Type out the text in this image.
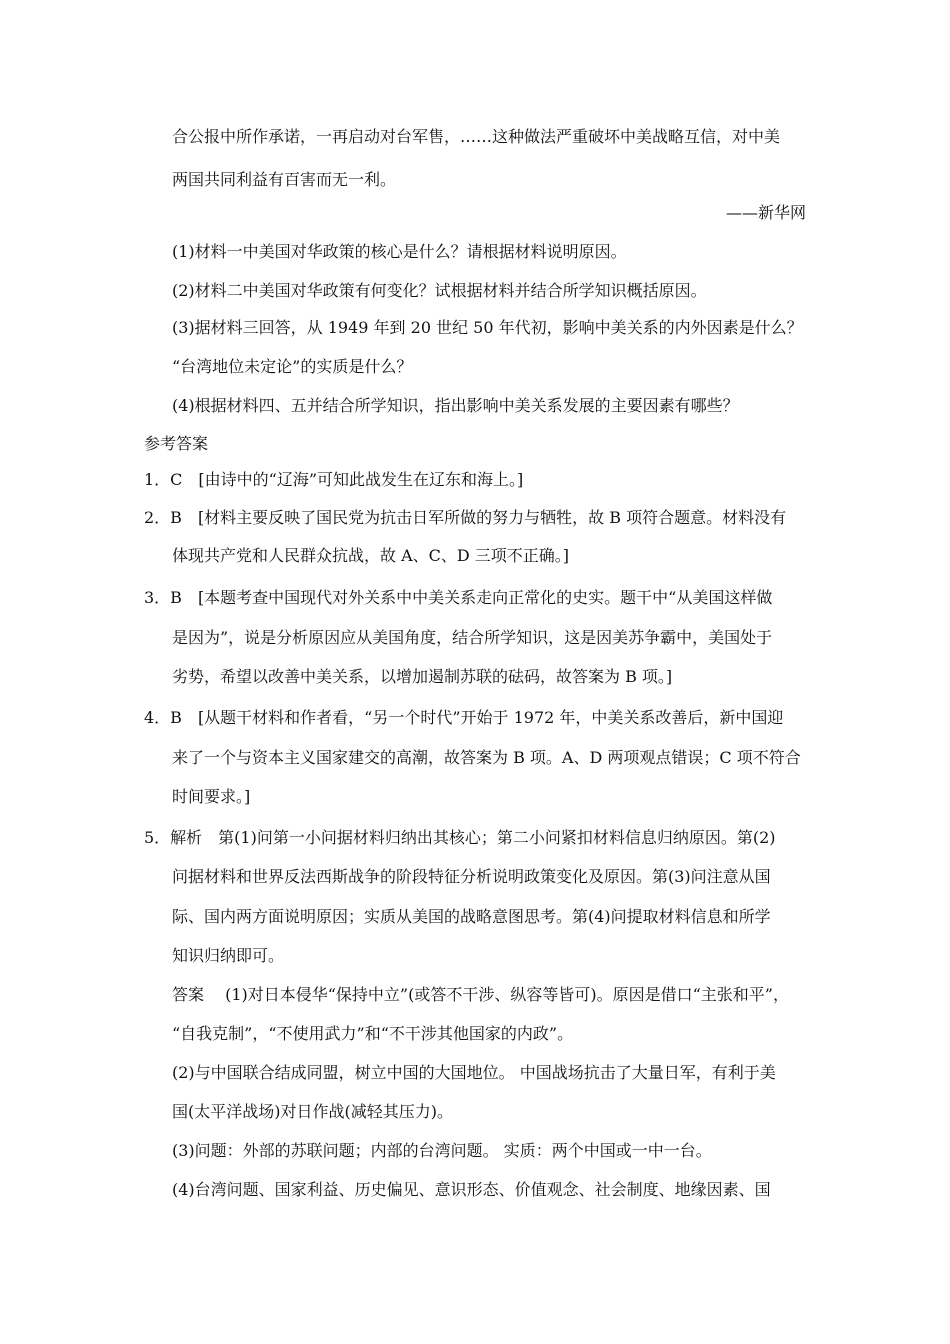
合公报中所作承诺，一再启动对台军售，……这种做法严重破坏中美战略互信，对中美
两国共同利益有百害而无一利。
——新华网
(1)材料一中美国对华政策的核心是什么？请根据材料说明原因。
(2)材料二中美国对华政策有何变化？试根据材料并结合所学知识概括原因。
(3)据材料三回答，从 1949 年到 20 世纪 50 年代初，影响中美关系的内外因素是什么？
“台湾地位未定论”的实质是什么？
(4)根据材料四、五并结合所学知识，指出影响中美关系发展的主要因素有哪些？
参考答案
1．C　[由诗中的“辽海”可知此战发生在辽东和海上。]
2．B　[材料主要反映了国民党为抗击日军所做的努力与牺牲，故 B 项符合题意。材料没有
体现共产党和人民群众抗战，故 A、C、D 三项不正确。]
3．B　[本题考查中国现代对外关系中中美关系走向正常化的史实。题干中“从美国这样做
是因为”，说是分析原因应从美国角度，结合所学知识，这是因美苏争霸中，美国处于
劣势，希望以改善中美关系，以增加遏制苏联的砝码，故答案为 B 项。]
4．B　[从题干材料和作者看，“另一个时代”开始于 1972 年，中美关系改善后，新中国迎
来了一个与资本主义国家建交的高潮，故答案为 B 项。A、D 两项观点错误；C 项不符合
时间要求。]
5．解析　第(1)问第一小问据材料归纳出其核心；第二小问紧扣材料信息归纳原因。第(2)
问据材料和世界反法西斯战争的阶段特征分析说明政策变化及原因。第(3)问注意从国
际、国内两方面说明原因；实质从美国的战略意图思考。第(4)问提取材料信息和所学
知识归纳即可。
答案　 (1)对日本侵华“保持中立”(或答不干涉、纵容等皆可)。原因是借口“主张和平”，
“自我克制”，“不使用武力”和“不干涉其他国家的内政”。
(2)与中国联合结成同盟，树立中国的大国地位。 中国战场抗击了大量日军，有利于美
国(太平洋战场)对日作战(减轻其压力)。
(3)问题：外部的苏联问题；内部的台湾问题。 实质：两个中国或一中一台。
(4)台湾问题、国家利益、历史偏见、意识形态、价值观念、社会制度、地缘因素、国
